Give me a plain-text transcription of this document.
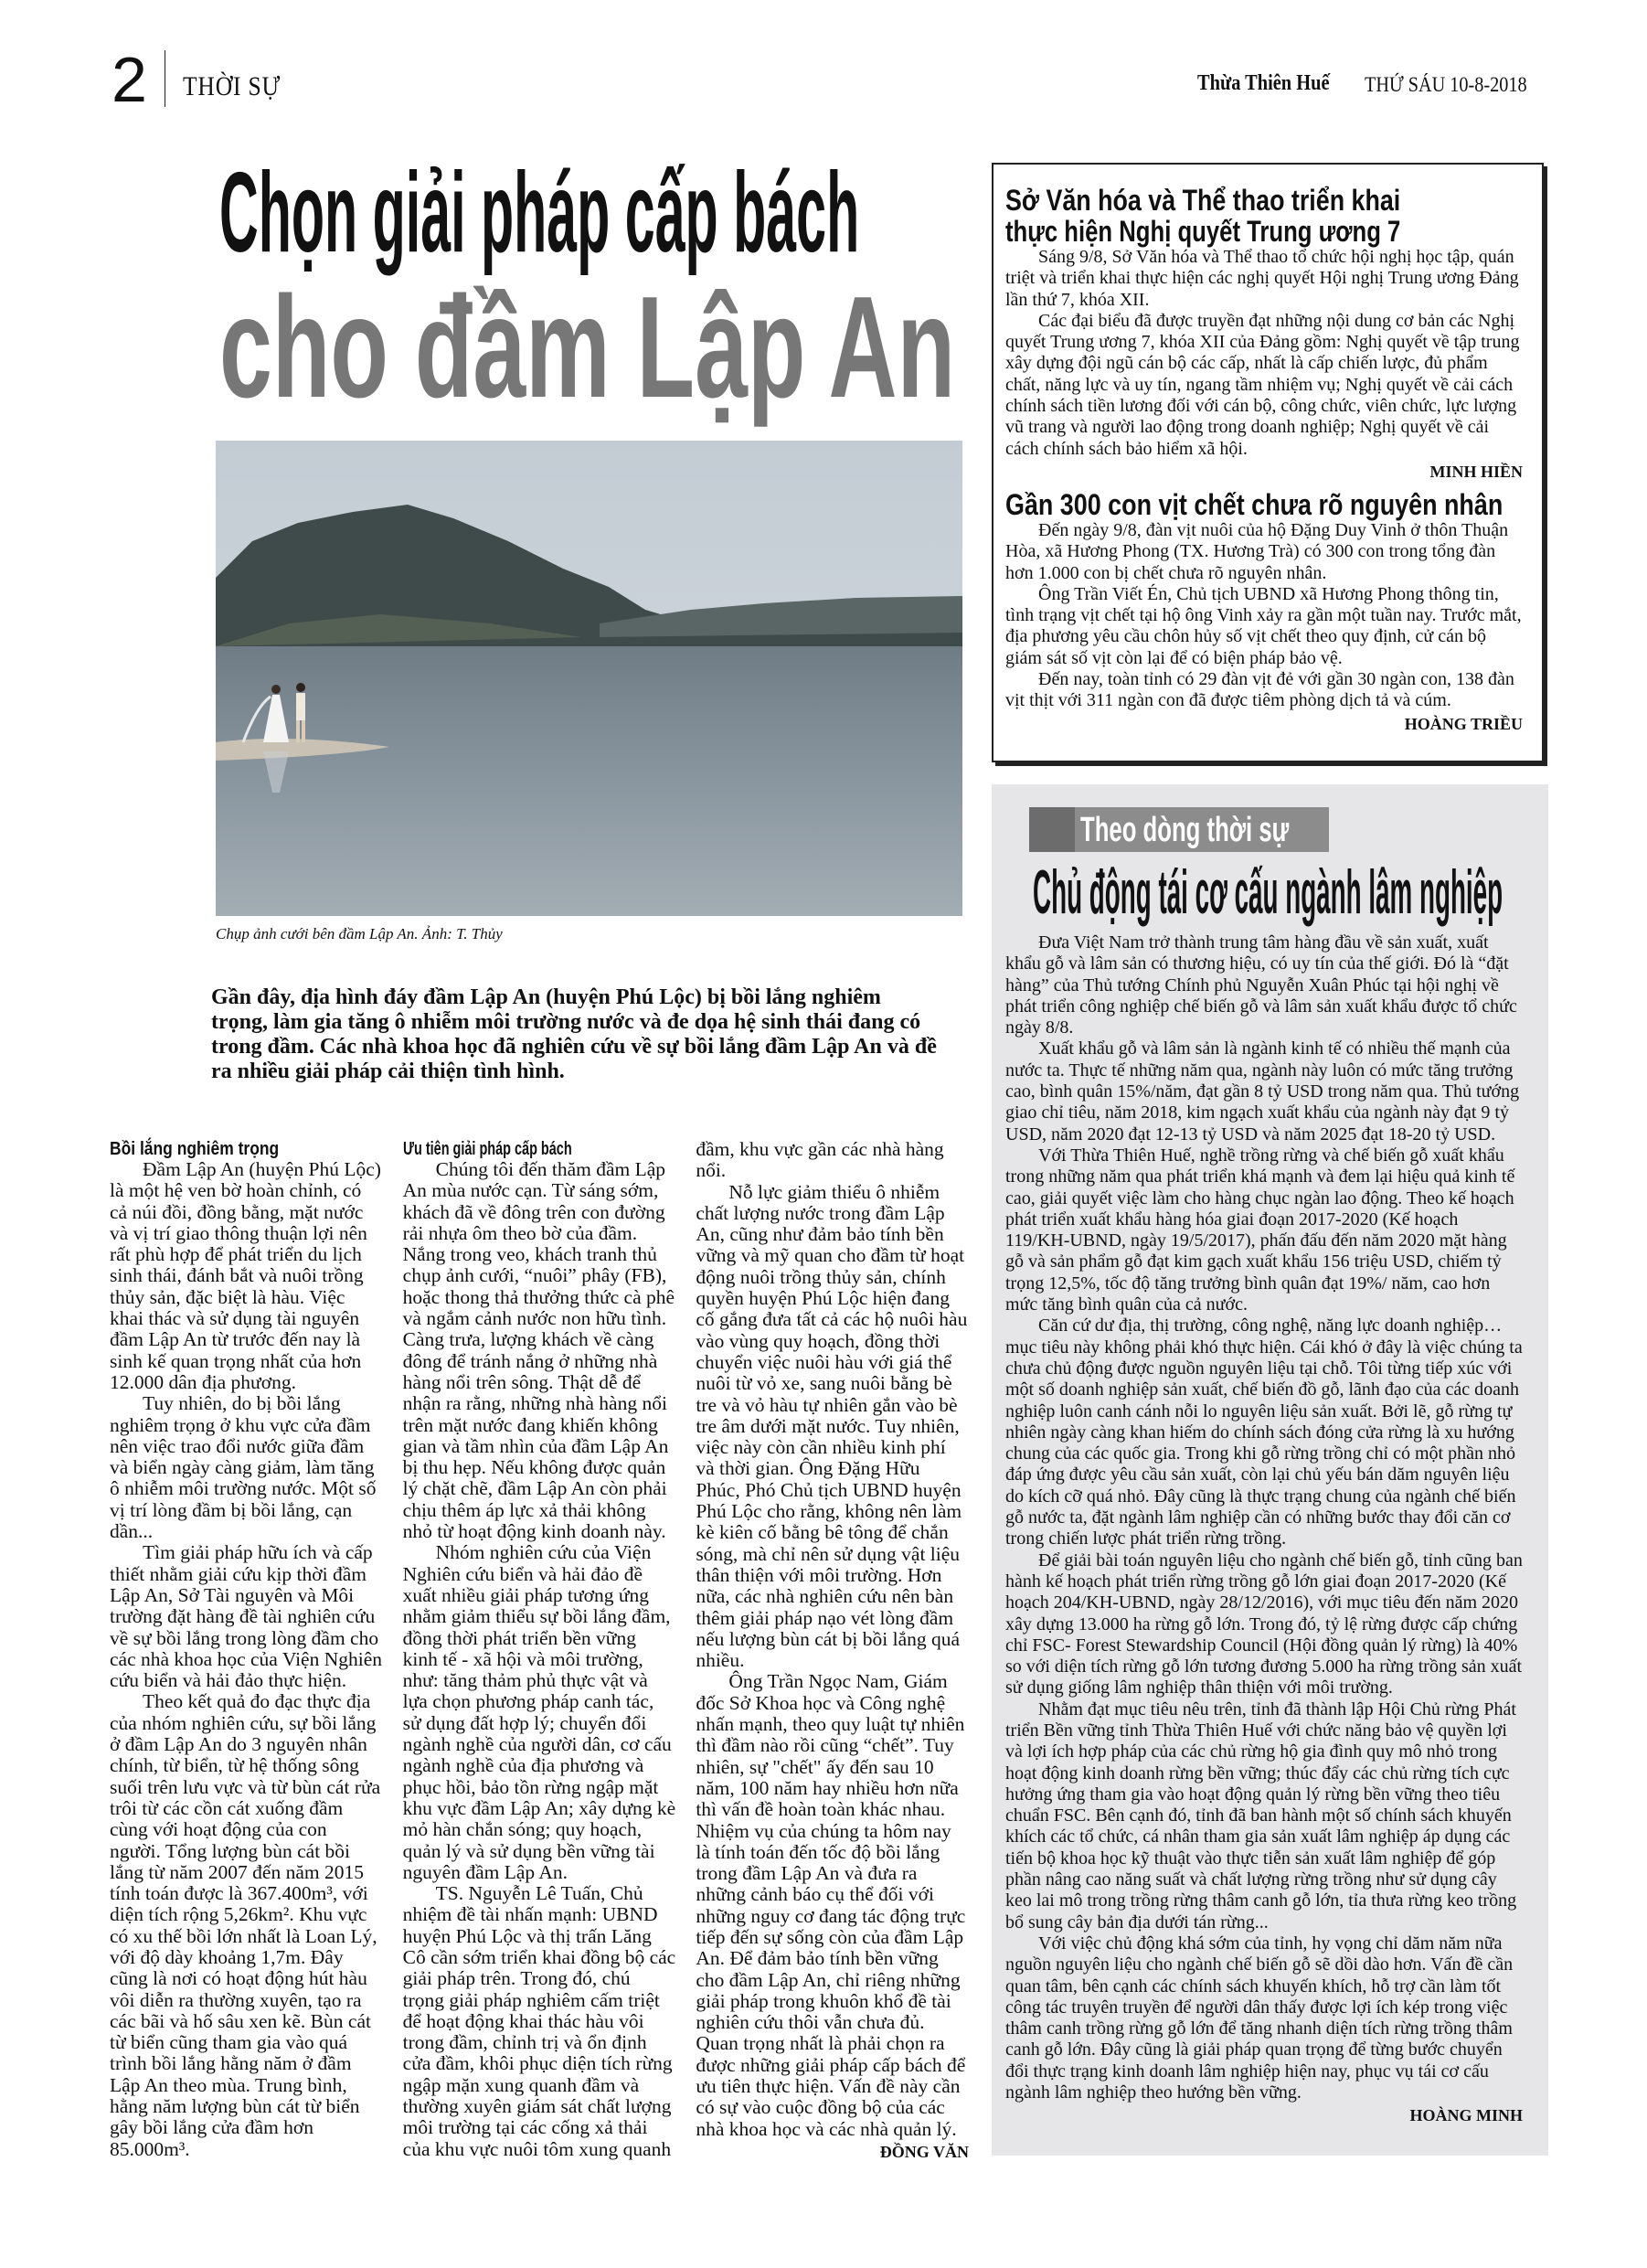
2 THỜI SỰ	Thừa Thiên Huế THỨ SÁU 10-8-2018
Chọn giải pháp cấp bách
cho đầm Lập An
Chụp ảnh cưới bên đầm Lập An. Ảnh: T. Thủy
Gần đây, địa hình đáy đầm Lập An (huyện Phú Lộc) bị bồi lắng nghiêm trọng, làm gia tăng ô nhiễm môi trường nước và đe dọa hệ sinh thái đang có trong đầm. Các nhà khoa học đã nghiên cứu về sự bồi lắng đầm Lập An và đề ra nhiều giải pháp cải thiện tình hình.
Bồi lắng nghiêm trọng

Đầm Lập An (huyện Phú Lộc) là một hệ ven bờ hoàn chỉnh, có cả núi đồi, đồng bằng, mặt nước và vị trí giao thông thuận lợi nên rất phù hợp để phát triển du lịch sinh thái, đánh bắt và nuôi trồng thủy sản, đặc biệt là hàu. Việc khai thác và sử dụng tài nguyên đầm Lập An từ trước đến nay là sinh kế quan trọng nhất của hơn 12.000 dân địa phương.

Tuy nhiên, do bị bồi lắng nghiêm trọng ở khu vực cửa đầm nên việc trao đổi nước giữa đầm và biển ngày càng giảm, làm tăng ô nhiễm môi trường nước. Một số vị trí lòng đầm bị bồi lắng, cạn dần...

Tìm giải pháp hữu ích và cấp thiết nhằm giải cứu kịp thời đầm Lập An, Sở Tài nguyên và Môi trường đặt hàng đề tài nghiên cứu về sự bồi lắng trong lòng đầm cho các nhà khoa học của Viện Nghiên cứu biển và hải đảo thực hiện.

Theo kết quả đo đạc thực địa của nhóm nghiên cứu, sự bồi lắng ở đầm Lập An do 3 nguyên nhân chính, từ biển, từ hệ thống sông suối trên lưu vực và từ bùn cát rửa trôi từ các cồn cát xuống đầm cùng với hoạt động của con người. Tổng lượng bùn cát bồi lắng từ năm 2007 đến năm 2015 tính toán được là 367.400m³, với diện tích rộng 5,26km². Khu vực có xu thế bồi lớn nhất là Loan Lý, với độ dày khoảng 1,7m. Đây cũng là nơi có hoạt động hút hàu vôi diễn ra thường xuyên, tạo ra các bãi và hố sâu xen kẽ. Bùn cát từ biển cũng tham gia vào quá trình bồi lắng hằng năm ở đầm Lập An theo mùa. Trung bình, hằng năm lượng bùn cát từ biển gây bồi lắng cửa đầm hơn 85.000m³.

Ưu tiên giải pháp cấp bách

Chúng tôi đến thăm đầm Lập An mùa nước cạn. Từ sáng sớm, khách đã về đông trên con đường rải nhựa ôm theo bờ của đầm. Nắng trong veo, khách tranh thủ chụp ảnh cưới, “nuôi” phây (FB), hoặc thong thả thưởng thức cà phê và ngắm cảnh nước non hữu tình. Càng trưa, lượng khách về càng đông để tránh nắng ở những nhà hàng nổi trên sông. Thật dễ để nhận ra rằng, những nhà hàng nổi trên mặt nước đang khiến không gian và tầm nhìn của đầm Lập An bị thu hẹp. Nếu không được quản lý chặt chẽ, đầm Lập An còn phải chịu thêm áp lực xả thải không nhỏ từ hoạt động kinh doanh này.

Nhóm nghiên cứu của Viện Nghiên cứu biển và hải đảo đề xuất nhiều giải pháp tương ứng nhằm giảm thiểu sự bồi lắng đầm, đồng thời phát triển bền vững kinh tế - xã hội và môi trường, như: tăng thảm phủ thực vật và lựa chọn phương pháp canh tác, sử dụng đất hợp lý; chuyển đổi ngành nghề của người dân, cơ cấu ngành nghề của địa phương và phục hồi, bảo tồn rừng ngập mặt khu vực đầm Lập An; xây dựng kè mỏ hàn chắn sóng; quy hoạch, quản lý và sử dụng bền vững tài nguyên đầm Lập An.

TS. Nguyễn Lê Tuấn, Chủ nhiệm đề tài nhấn mạnh: UBND huyện Phú Lộc và thị trấn Lăng Cô cần sớm triển khai đồng bộ các giải pháp trên. Trong đó, chú trọng giải pháp nghiêm cấm triệt để hoạt động khai thác hàu vôi trong đầm, chỉnh trị và ổn định cửa đầm, khôi phục diện tích rừng ngập mặn xung quanh đầm và thường xuyên giám sát chất lượng môi trường tại các cống xả thải của khu vực nuôi tôm xung quanh đầm, khu vực gần các nhà hàng nổi.

Nỗ lực giảm thiểu ô nhiễm chất lượng nước trong đầm Lập An, cũng như đảm bảo tính bền vững và mỹ quan cho đầm từ hoạt động nuôi trồng thủy sản, chính quyền huyện Phú Lộc hiện đang cố gắng đưa tất cả các hộ nuôi hàu vào vùng quy hoạch, đồng thời chuyển việc nuôi hàu với giá thể nuôi từ vỏ xe, sang nuôi bằng bè tre và vỏ hàu tự nhiên gắn vào bè tre âm dưới mặt nước. Tuy nhiên, việc này còn cần nhiều kinh phí và thời gian. Ông Đặng Hữu Phúc, Phó Chủ tịch UBND huyện Phú Lộc cho rằng, không nên làm kè kiên cố bằng bê tông để chắn sóng, mà chỉ nên sử dụng vật liệu thân thiện với môi trường. Hơn nữa, các nhà nghiên cứu nên bàn thêm giải pháp nạo vét lòng đầm nếu lượng bùn cát bị bồi lắng quá nhiều.

Ông Trần Ngọc Nam, Giám đốc Sở Khoa học và Công nghệ nhấn mạnh, theo quy luật tự nhiên thì đầm nào rồi cũng “chết”. Tuy nhiên, sự "chết" ấy đến sau 10 năm, 100 năm hay nhiều hơn nữa thì vấn đề hoàn toàn khác nhau. Nhiệm vụ của chúng ta hôm nay là tính toán đến tốc độ bồi lắng trong đầm Lập An và đưa ra những cảnh báo cụ thể đối với những nguy cơ đang tác động trực tiếp đến sự sống còn của đầm Lập An. Để đảm bảo tính bền vững cho đầm Lập An, chỉ riêng những giải pháp trong khuôn khổ đề tài nghiên cứu thôi vẫn chưa đủ. Quan trọng nhất là phải chọn ra được những giải pháp cấp bách để ưu tiên thực hiện. Vấn đề này cần có sự vào cuộc đồng bộ của các nhà khoa học và các nhà quản lý.

ĐỒNG VĂN

Sở Văn hóa và Thể thao triển khai
thực hiện Nghị quyết Trung ương 7

Sáng 9/8, Sở Văn hóa và Thể thao tổ chức hội nghị học tập, quán triệt và triển khai thực hiện các nghị quyết Hội nghị Trung ương Đảng lần thứ 7, khóa XII.

Các đại biểu đã được truyền đạt những nội dung cơ bản các Nghị quyết Trung ương 7, khóa XII của Đảng gồm: Nghị quyết về tập trung xây dựng đội ngũ cán bộ các cấp, nhất là cấp chiến lược, đủ phẩm chất, năng lực và uy tín, ngang tầm nhiệm vụ; Nghị quyết về cải cách chính sách tiền lương đối với cán bộ, công chức, viên chức, lực lượng vũ trang và người lao động trong doanh nghiệp; Nghị quyết về cải cách chính sách bảo hiểm xã hội.

MINH HIỀN

Gần 300 con vịt chết chưa rõ nguyên nhân

Đến ngày 9/8, đàn vịt nuôi của hộ Đặng Duy Vinh ở thôn Thuận Hòa, xã Hương Phong (TX. Hương Trà) có 300 con trong tổng đàn hơn 1.000 con bị chết chưa rõ nguyên nhân.

Ông Trần Viết Én, Chủ tịch UBND xã Hương Phong thông tin, tình trạng vịt chết tại hộ ông Vinh xảy ra gần một tuần nay. Trước mắt, địa phương yêu cầu chôn hủy số vịt chết theo quy định, cử cán bộ giám sát số vịt còn lại để có biện pháp bảo vệ.

Đến nay, toàn tỉnh có 29 đàn vịt đẻ với gần 30 ngàn con, 138 đàn vịt thịt với 311 ngàn con đã được tiêm phòng dịch tả và cúm.

HOÀNG TRIỀU

Theo dòng thời sự
Chủ động tái cơ cấu ngành lâm nghiệp

Đưa Việt Nam trở thành trung tâm hàng đầu về sản xuất, xuất khẩu gỗ và lâm sản có thương hiệu, có uy tín của thế giới. Đó là “đặt hàng” của Thủ tướng Chính phủ Nguyễn Xuân Phúc tại hội nghị về phát triển công nghiệp chế biến gỗ và lâm sản xuất khẩu được tổ chức ngày 8/8.

Xuất khẩu gỗ và lâm sản là ngành kinh tế có nhiều thế mạnh của nước ta. Thực tế những năm qua, ngành này luôn có mức tăng trưởng cao, bình quân 15%/năm, đạt gần 8 tỷ USD trong năm qua. Thủ tướng giao chỉ tiêu, năm 2018, kim ngạch xuất khẩu của ngành này đạt 9 tỷ USD, năm 2020 đạt 12-13 tỷ USD và năm 2025 đạt 18-20 tỷ USD.

Với Thừa Thiên Huế, nghề trồng rừng và chế biến gỗ xuất khẩu trong những năm qua phát triển khá mạnh và đem lại hiệu quả kinh tế cao, giải quyết việc làm cho hàng chục ngàn lao động. Theo kế hoạch phát triển xuất khẩu hàng hóa giai đoạn 2017-2020 (Kế hoạch 119/KH-UBND, ngày 19/5/2017), phấn đấu đến năm 2020 mặt hàng gỗ và sản phẩm gỗ đạt kim gạch xuất khẩu 156 triệu USD, chiếm tỷ trọng 12,5%, tốc độ tăng trưởng bình quân đạt 19%/ năm, cao hơn mức tăng bình quân của cả nước.

Căn cứ dư địa, thị trường, công nghệ, năng lực doanh nghiệp… mục tiêu này không phải khó thực hiện. Cái khó ở đây là việc chúng ta chưa chủ động được nguồn nguyên liệu tại chỗ. Tôi từng tiếp xúc với một số doanh nghiệp sản xuất, chế biến đồ gỗ, lãnh đạo của các doanh nghiệp luôn canh cánh nỗi lo nguyên liệu sản xuất. Bởi lẽ, gỗ rừng tự nhiên ngày càng khan hiếm do chính sách đóng cửa rừng là xu hướng chung của các quốc gia. Trong khi gỗ rừng trồng chỉ có một phần nhỏ đáp ứng được yêu cầu sản xuất, còn lại chủ yếu bán dăm nguyên liệu do kích cỡ quá nhỏ. Đây cũng là thực trạng chung của ngành chế biến gỗ nước ta, đặt ngành lâm nghiệp cần có những bước thay đổi căn cơ trong chiến lược phát triển rừng trồng.

Để giải bài toán nguyên liệu cho ngành chế biến gỗ, tỉnh cũng ban hành kế hoạch phát triển rừng trồng gỗ lớn giai đoạn 2017-2020 (Kế hoạch 204/KH-UBND, ngày 28/12/2016), với mục tiêu đến năm 2020 xây dựng 13.000 ha rừng gỗ lớn. Trong đó, tỷ lệ rừng được cấp chứng chỉ FSC- Forest Stewardship Council (Hội đồng quản lý rừng) là 40% so với diện tích rừng gỗ lớn tương đương 5.000 ha rừng trồng sản xuất sử dụng giống lâm nghiệp thân thiện với môi trường.

Nhằm đạt mục tiêu nêu trên, tỉnh đã thành lập Hội Chủ rừng Phát triển Bền vững tỉnh Thừa Thiên Huế với chức năng bảo vệ quyền lợi và lợi ích hợp pháp của các chủ rừng hộ gia đình quy mô nhỏ trong hoạt động kinh doanh rừng bền vững; thúc đẩy các chủ rừng tích cực hưởng ứng tham gia vào hoạt động quản lý rừng bền vững theo tiêu chuẩn FSC. Bên cạnh đó, tỉnh đã ban hành một số chính sách khuyến khích các tổ chức, cá nhân tham gia sản xuất lâm nghiệp áp dụng các tiến bộ khoa học kỹ thuật vào thực tiễn sản xuất lâm nghiệp để góp phần nâng cao năng suất và chất lượng rừng trồng như sử dụng cây keo lai mô trong trồng rừng thâm canh gỗ lớn, tỉa thưa rừng keo trồng bổ sung cây bản địa dưới tán rừng...

Với việc chủ động khá sớm của tỉnh, hy vọng chỉ dăm năm nữa nguồn nguyên liệu cho ngành chế biến gỗ sẽ dồi dào hơn. Vấn đề cần quan tâm, bên cạnh các chính sách khuyến khích, hỗ trợ cần làm tốt công tác truyên truyền để người dân thấy được lợi ích kép trong việc thâm canh trồng rừng gỗ lớn để tăng nhanh diện tích rừng trồng thâm canh gỗ lớn. Đây cũng là giải pháp quan trọng để từng bước chuyển đổi thực trạng kinh doanh lâm nghiệp hiện nay, phục vụ tái cơ cấu ngành lâm nghiệp theo hướng bền vững.

HOÀNG MINH
